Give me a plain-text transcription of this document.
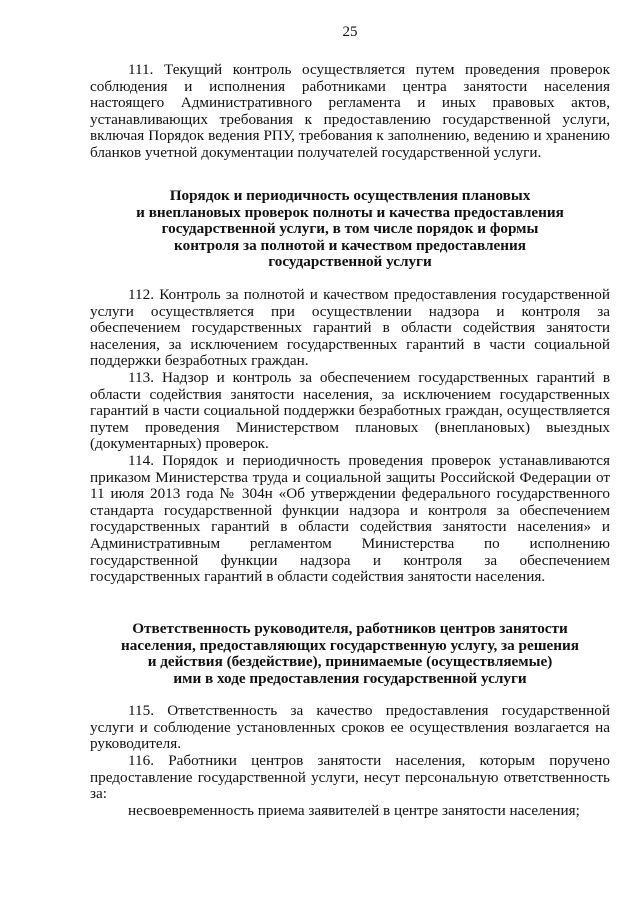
25

111. Текущий контроль осуществляется путем проведения проверок соблюдения и исполнения работниками центра занятости населения настоящего Административного регламента и иных правовых актов, устанавливающих требования к предоставлению государственной услуги, включая Порядок ведения РПУ, требования к заполнению, ведению и хранению бланков учетной документации получателей государственной услуги.

Порядок и периодичность осуществления плановых
и внеплановых проверок полноты и качества предоставления
государственной услуги, в том числе порядок и формы
контроля за полнотой и качеством предоставления
государственной услуги

112. Контроль за полнотой и качеством предоставления государственной услуги осуществляется при осуществлении надзора и контроля за обеспечением государственных гарантий в области содействия занятости населения, за исключением государственных гарантий в части социальной поддержки безработных граждан.

113. Надзор и контроль за обеспечением государственных гарантий в области содействия занятости населения, за исключением государственных гарантий в части социальной поддержки безработных граждан, осуществляется путем проведения Министерством плановых (внеплановых) выездных (документарных) проверок.

114. Порядок и периодичность проведения проверок устанавливаются приказом Министерства труда и социальной защиты Российской Федерации от 11 июля 2013 года № 304н «Об утверждении федерального государственного стандарта государственной функции надзора и контроля за обеспечением государственных гарантий в области содействия занятости населения» и Административным регламентом Министерства по исполнению государственной функции надзора и контроля за обеспечением государственных гарантий в области содействия занятости населения.

Ответственность руководителя, работников центров занятости
населения, предоставляющих государственную услугу, за решения
и действия (бездействие), принимаемые (осуществляемые)
ими в ходе предоставления государственной услуги

115. Ответственность за качество предоставления государственной услуги и соблюдение установленных сроков ее осуществления возлагается на руководителя.

116. Работники центров занятости населения, которым поручено предоставление государственной услуги, несут персональную ответственность за:

несвоевременность приема заявителей в центре занятости населения;
